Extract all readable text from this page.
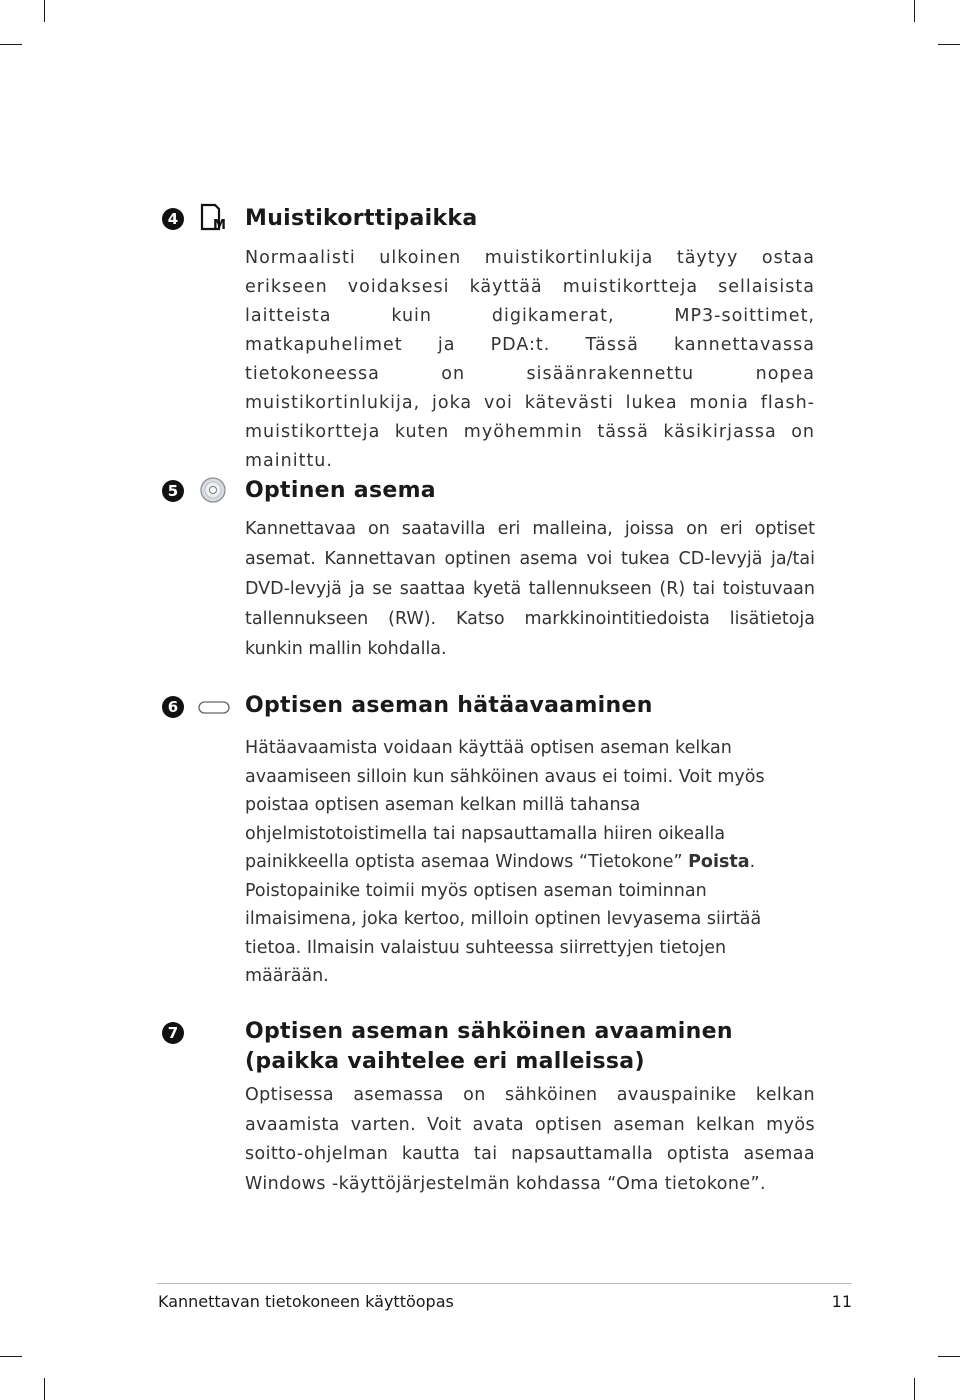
4	M Muistikorttipaikka

Normaalisti ulkoinen muistikortinlukija täytyy ostaa erikseen voidaksesi käyttää muistikortteja sellaisista laitteista kuin digikamerat, MP3-soittimet, matkapuhelimet ja PDA:t. Tässä kannettavassa tietokoneessa on sisäänrakennettu nopea muistikortinlukija, joka voi kätevästi lukea monia flash-muistikortteja kuten myöhemmin tässä käsikirjassa on mainittu.

5	Optinen asema

Kannettavaa on saatavilla eri malleina, joissa on eri optiset asemat. Kannettavan optinen asema voi tukea CD-levyjä ja/tai DVD-levyjä ja se saattaa kyetä tallennukseen (R) tai toistuvaan tallennukseen (RW). Katso markkinointitiedoista lisätietoja kunkin mallin kohdalla.

6	Optisen aseman hätäavaaminen

Hätäavaamista voidaan käyttää optisen aseman kelkan avaamiseen silloin kun sähköinen avaus ei toimi. Voit myös poistaa optisen aseman kelkan millä tahansa ohjelmistotoistimella tai napsauttamalla hiiren oikealla painikkeella optista asemaa Windows “Tietokone” Poista. Poistopainike toimii myös optisen aseman toiminnan ilmaisimena, joka kertoo, milloin optinen levyasema siirtää tietoa. Ilmaisin valaistuu suhteessa siirrettyjen tietojen määrään.

7	Optisen aseman sähköinen avaaminen
(paikka vaihtelee eri malleissa)

Optisessa asemassa on sähköinen avauspainike kelkan avaamista varten. Voit avata optisen aseman kelkan myös soitto-ohjelman kautta tai napsauttamalla optista asemaa Windows -käyttöjärjestelmän kohdassa “Oma tietokone”.

Kannettavan tietokoneen käyttöopas	11
